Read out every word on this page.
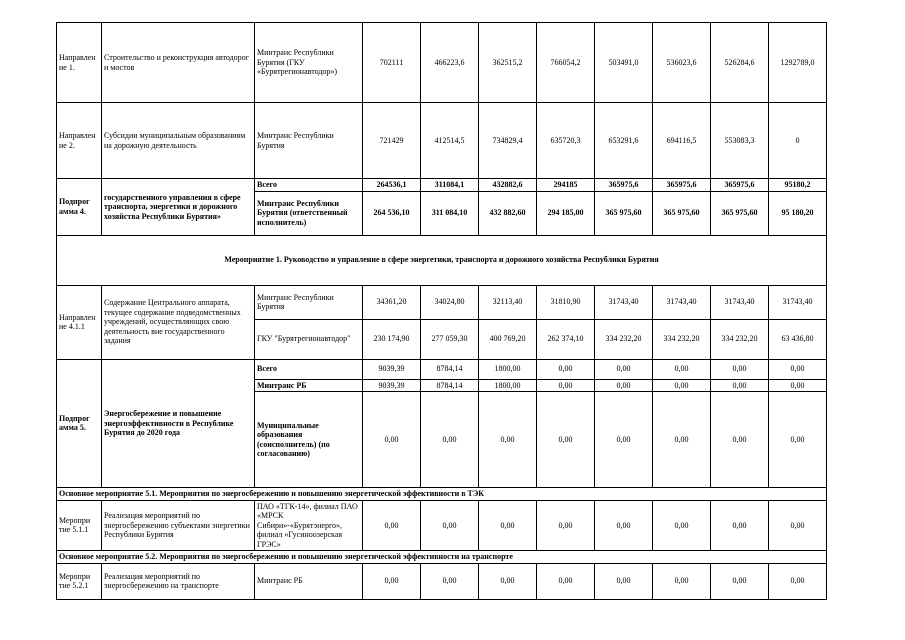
Направлен ие 1.	Строительство и реконструкция автодорог и мостов	Минтранс Республики Бурятия (ГКУ «Бурятрегионавтодор»)	702111	466223,6	362515,2	766054,2	503491,0	536023,6	526284,6	1292789,0
Направлен ие 2.	Субсидии муниципальным образованиям на дорожную деятельность	Минтранс Республики Бурятия	721429	412514,5	734829,4	635720,3	653291,6	694116,5	553083,3	0
Подпрог амма 4.	государственного управления в сфере транспорта, энергетики и дорожного хозяйства Республики Бурятия»	Всего	264536,1	311084,1	432882,6	294185	365975,6	365975,6	365975,6	95180,2
		Минтранс Республики Бурятия (ответственный исполнитель)	264 536,10	311 084,10	432 882,60	294 185,00	365 975,60	365 975,60	365 975,60	95 180,20
Мероприятие 1. Руководство и управление в сфере энергетики, транспорта и дорожного хозяйства Республики Бурятия										
Направлен ие 4.1.1	Содержание Центрального аппарата, текущее содержание подведомственных учреждений, осуществляющих свою деятельность вне государственного задания	Минтранс Республики Бурятия	34361,20	34024,80	32113,40	31810,90	31743,40	31743,40	31743,40	31743,40
		ГКУ "Бурятрегионавтодор"	230 174,90	277 059,30	400 769,20	262 374,10	334 232,20	334 232,20	334 232,20	63 436,80
Подпрог амма 5.	Энергосбережение и повышение энергоэффективности в Республике Бурятия до 2020 года	Всего	9039,39	8784,14	1800,00	0,00	0,00	0,00	0,00	0,00
		Минтранс РБ	9039,39	8784,14	1800,00	0,00	0,00	0,00	0,00	0,00
		Муниципальные образования (соисполнитель) (по согласованию)	0,00	0,00	0,00	0,00	0,00	0,00	0,00	0,00
Основное мероприятие 5.1. Мероприятия по энергосбережению и повышению энергетической эффективности в ТЭК										
Меропри тие 5.1.1	Реализация мероприятий по энергосбережению субъектами энергетики Республики Бурятия	ПАО «ТГК-14», филиал ПАО «МРСК Сибири»-«Бурятэнерго», филиал «Гусиноозерская ГРЭС»	0,00	0,00	0,00	0,00	0,00	0,00	0,00	0,00
Основное мероприятие 5.2. Мероприятия по энергосбережению и повышению энергетической эффективности на транспорте										
Меропри тие 5.2.1	Реализация мероприятий по энергосбережению на транспорте	Минтранс РБ	0,00	0,00	0,00	0,00	0,00	0,00	0,00	0,00
